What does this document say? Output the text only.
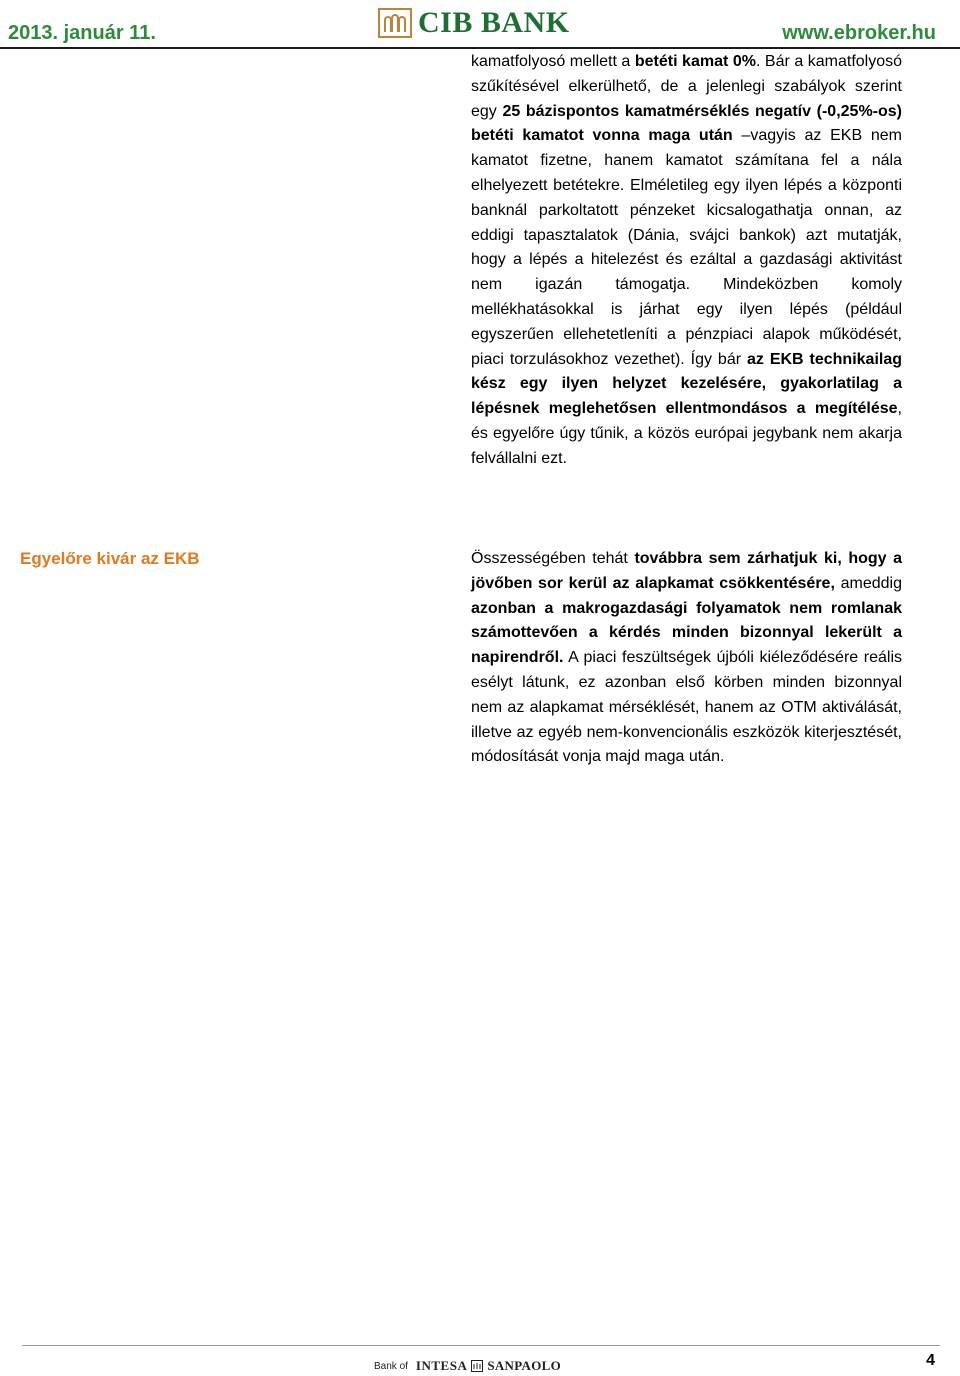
2013. január 11.	CIB BANK	www.ebroker.hu
kamatfolyosó mellett a betéti kamat 0%. Bár a kamatfolyosó szűkítésével elkerülhető, de a jelenlegi szabályok szerint egy 25 bázispontos kamatmérséklés negatív (-0,25%-os) betéti kamatot vonna maga után –vagyis az EKB nem kamatot fizetne, hanem kamatot számítana fel a nála elhelyezett betétekre. Elméletileg egy ilyen lépés a központi banknál parkoltatott pénzeket kicsalogathatja onnan, az eddigi tapasztalatok (Dánia, svájci bankok) azt mutatják, hogy a lépés a hitelezést és ezáltal a gazdasági aktivitást nem igazán támogatja. Mindeközben komoly mellékhatásokkal is járhat egy ilyen lépés (például egyszerűen ellehetetleníti a pénzpiaci alapok működését, piaci torzulásokhoz vezethet). Így bár az EKB technikailag kész egy ilyen helyzet kezelésére, gyakorlatilag a lépésnek meglehetősen ellentmondásos a megítélése, és egyelőre úgy tűnik, a közös európai jegybank nem akarja felvállalni ezt.
Egyelőre kivár az EKB	Összességében tehát továbbra sem zárhatjuk ki, hogy a jövőben sor kerül az alapkamat csökkentésére, ameddig azonban a makrogazdasági folyamatok nem romlanak számottevően a kérdés minden bizonnyal lekerült a napirendről. A piaci feszültségek újbóli kiéleződésére reális esélyt látunk, ez azonban első körben minden bizonnyal nem az alapkamat mérséklését, hanem az OTM aktiválását, illetve az egyéb nem-konvencionális eszközök kiterjesztését, módosítását vonja majd maga után.
Bank of INTESA SANPAOLO	4
